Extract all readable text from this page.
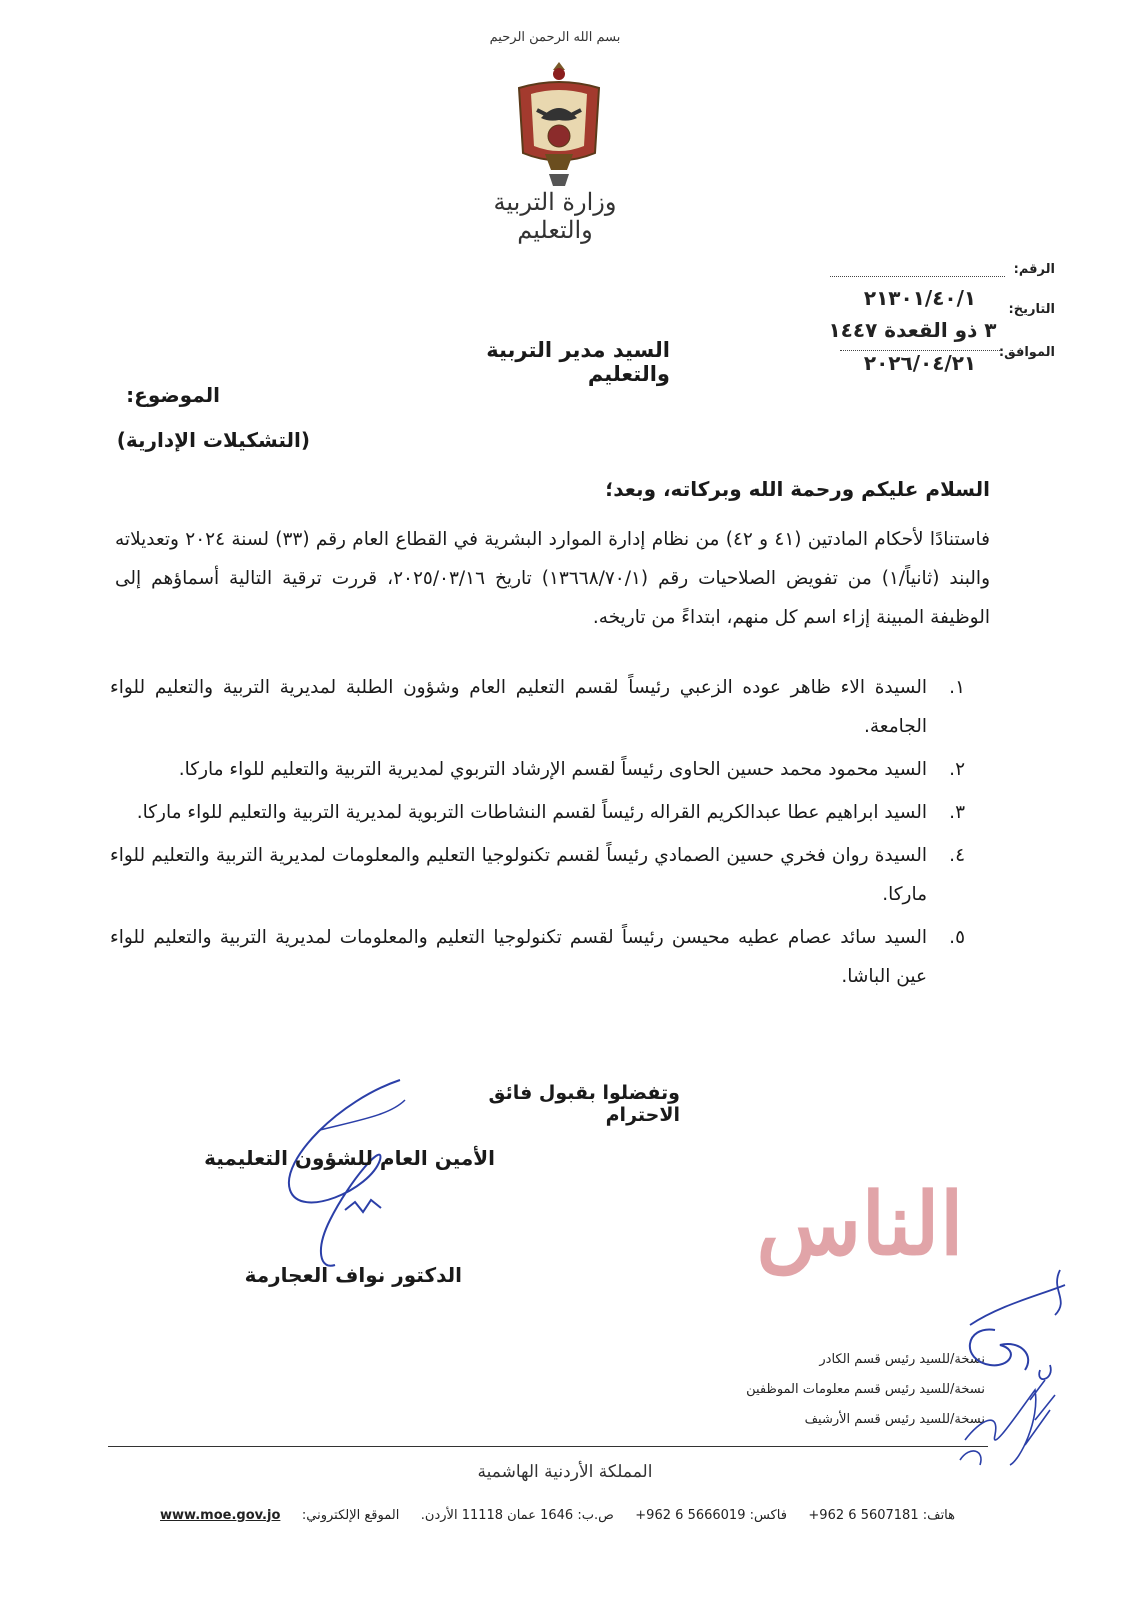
بسم الله الرحمن الرحيم
وزارة التربية والتعليم
الرقم:
التاريخ:
٢١٣٠١/٤٠/١
٣ ذو القعدة ١٤٤٧
الموافق:
٢٠٢٦/٠٤/٢١
السيد مدير التربية والتعليم
الموضوع:
(التشكيلات الإدارية)
السلام عليكم ورحمة الله وبركاته، وبعد؛
فاستنادًا لأحكام المادتين (٤١ و ٤٢) من نظام إدارة الموارد البشرية في القطاع العام رقم (٣٣) لسنة ٢٠٢٤ وتعديلاته والبند (ثانياً/١) من تفويض الصلاحيات رقم (١٣٦٦٨/٧٠/١) تاريخ ٢٠٢٥/٠٣/١٦، قررت ترقية التالية أسماؤهم إلى الوظيفة المبينة إزاء اسم كل منهم، ابتداءً من تاريخه.
١.
السيدة الاء ظاهر عوده الزعبي رئيساً لقسم التعليم العام وشؤون الطلبة لمديرية التربية والتعليم للواء الجامعة.
٢.
السيد محمود محمد حسين الحاوى رئيساً لقسم الإرشاد التربوي لمديرية التربية والتعليم للواء ماركا.
٣.
السيد ابراهيم عطا عبدالكريم القراله رئيساً لقسم النشاطات التربوية لمديرية التربية والتعليم للواء ماركا.
٤.
السيدة روان فخري حسين الصمادي رئيساً لقسم تكنولوجيا التعليم والمعلومات لمديرية التربية والتعليم للواء ماركا.
٥.
السيد سائد عصام عطيه محيسن رئيساً لقسم تكنولوجيا التعليم والمعلومات لمديرية التربية والتعليم للواء عين الباشا.
وتفضلوا بقبول فائق الاحترام
الأمين العام للشؤون التعليمية
الدكتور نواف العجارمة	الناس
نسخة/للسيد رئيس قسم الكادر
نسخة/للسيد رئيس قسم معلومات الموظفين
نسخة/للسيد رئيس قسم الأرشيف
المملكة الأردنية الهاشمية
هاتف: 5607181 6 962+
فاكس: 5666019 6 962+
ص.ب: 1646 عمان 11118 الأردن.
الموقع الإلكتروني:
www.moe.gov.jo
